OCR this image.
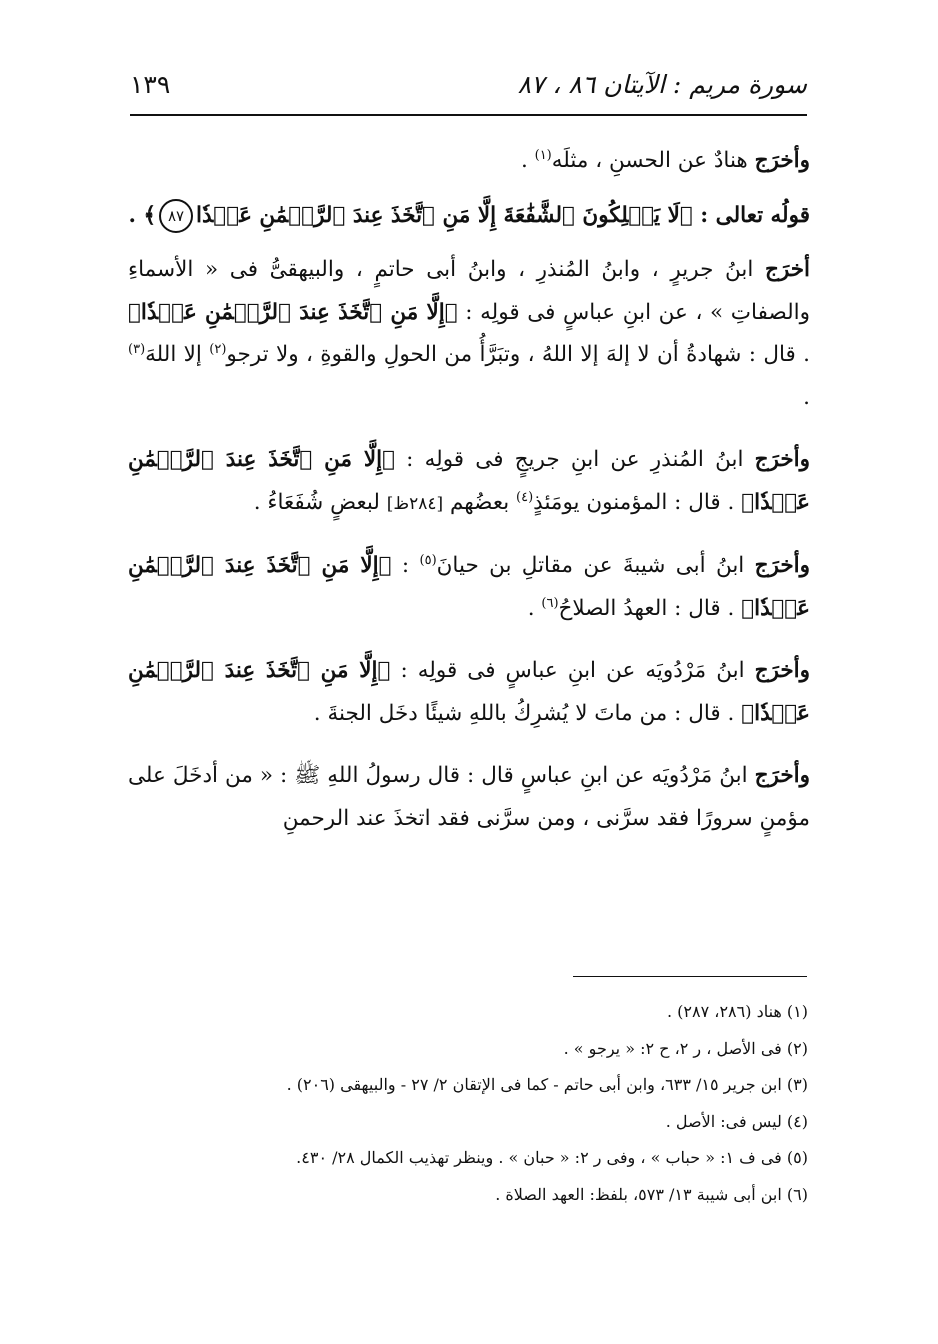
سورة مريم : الآيتان ٨٦ ، ٨٧
١٣٩

وأخرَج هنادٌ عن الحسنِ ، مثلَه$^{(١)}$ .

قولُه تعالى : ﴿لَا يَمۡلِكُونَ ٱلشَّفَٰعَةَ إِلَّا مَنِ ٱتَّخَذَ عِندَ ٱلرَّحۡمَٰنِ عَهۡدٗا٨٧﴾ .

أخرَج ابنُ جريرٍ ، وابنُ المُنذرِ ، وابنُ أبى حاتمٍ ، والبيهقىُّ فى « الأسماءِ والصفاتِ » ، عن ابنِ عباسٍ فى قولِه : ﴿إِلَّا مَنِ ٱتَّخَذَ عِندَ ٱلرَّحۡمَٰنِ عَهۡدٗا﴾ . قال : شهادةُ أن لا إلهَ إلا اللهُ ، وتبَرَّأُ من الحولِ والقوةِ ، ولا ترجو$^{(٢)}$ إلا اللهَ$^{(٣)}$ .

وأخرَج ابنُ المُنذرِ عن ابنِ جريجٍ فى قولِه : ﴿إِلَّا مَنِ ٱتَّخَذَ عِندَ ٱلرَّحۡمَٰنِ عَهۡدٗا﴾ . قال : المؤمنون يومَئذٍ$^{(٤)}$ بعضُهم [٢٨٤ظ] لبعضٍ شُفَعَاءُ .

وأخرَج ابنُ أبى شيبةَ عن مقاتلِ بن حيانَ$^{(٥)}$ : ﴿إِلَّا مَنِ ٱتَّخَذَ عِندَ ٱلرَّحۡمَٰنِ عَهۡدٗا﴾ . قال : العهدُ الصلاحُ$^{(٦)}$ .

وأخرَج ابنُ مَرْدُويَه عن ابنِ عباسٍ فى قولِه : ﴿إِلَّا مَنِ ٱتَّخَذَ عِندَ ٱلرَّحۡمَٰنِ عَهۡدٗا﴾ . قال : من ماتَ لا يُشرِكُ باللهِ شيئًا دخَل الجنةَ .

وأخرَج ابنُ مَرْدُويَه عن ابنِ عباسٍ قال : قال رسولُ اللهِ ﷺ : « من أدخَلَ على مؤمنٍ سرورًا فقد سرَّنى ، ومن سرَّنى فقد اتخذَ عند الرحمنِ

(١) هناد (٢٨٦، ٢٨٧) .
(٢) فى الأصل ، ر ٢، ح ٢: « يرجو » .
(٣) ابن جرير ١٥/ ٦٣٣، وابن أبى حاتم - كما فى الإتقان ٢/ ٢٧ - والبيهقى (٢٠٦) .
(٤) ليس فى: الأصل .
(٥) فى ف ١: « حباب » ، وفى ر ٢: « حبان » . وينظر تهذيب الكمال ٢٨/ ٤٣٠.
(٦) ابن أبى شيبة ١٣/ ٥٧٣، بلفظ: العهد الصلاة .
